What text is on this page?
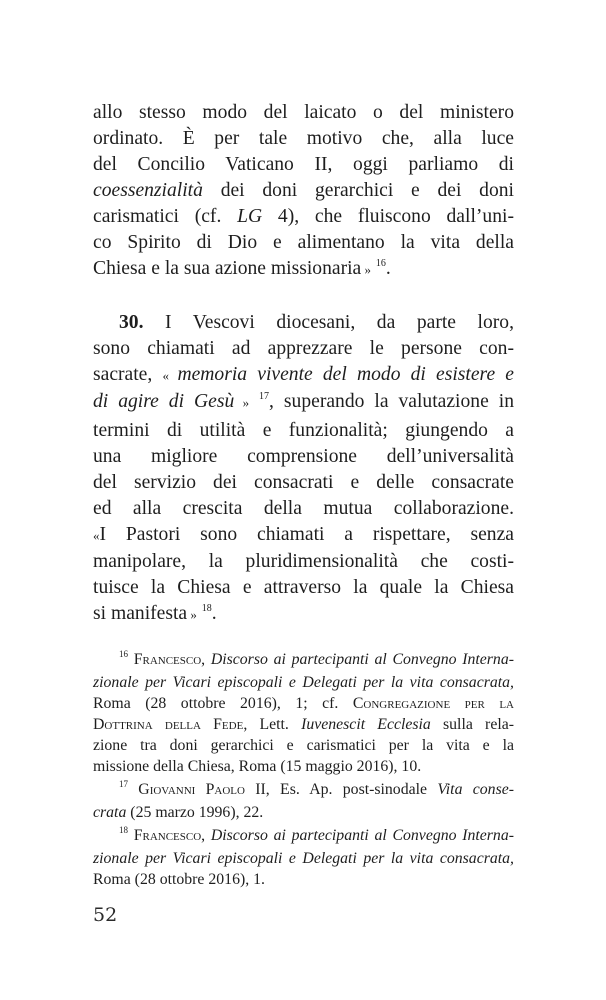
allo stesso modo del laicato o del ministero
ordinato. È per tale motivo che, alla luce
del Concilio Vaticano II, oggi parliamo di
coessenzialità dei doni gerarchici e dei doni
carismatici (cf. LG 4), che fluiscono dall’uni-
co Spirito di Dio e alimentano la vita della
Chiesa e la sua azione missionaria » $^{16}$.

30. I Vescovi diocesani, da parte loro,
sono chiamati ad apprezzare le persone con-
sacrate, « memoria vivente del modo di esistere e
di agire di Gesù » $^{17}$, superando la valutazione in
termini di utilità e funzionalità; giungendo a
una migliore comprensione dell’universalità
del servizio dei consacrati e delle consacrate
ed alla crescita della mutua collaborazione.
«I Pastori sono chiamati a rispettare, senza
manipolare, la pluridimensionalità che costi-
tuisce la Chiesa e attraverso la quale la Chiesa
si manifesta » $^{18}$.

$^{16}$ Francesco, Discorso ai partecipanti al Convegno Interna-
zionale per Vicari episcopali e Delegati per la vita consacrata,
Roma (28 ottobre 2016), 1; cf. Congregazione per la
Dottrina della Fede, Lett. Iuvenescit Ecclesia sulla rela-
zione tra doni gerarchici e carismatici per la vita e la
missione della Chiesa, Roma (15 maggio 2016), 10.
$^{17}$ Giovanni Paolo II, Es. Ap. post-sinodale Vita conse-
crata (25 marzo 1996), 22.
$^{18}$ Francesco, Discorso ai partecipanti al Convegno Interna-
zionale per Vicari episcopali e Delegati per la vita consacrata,
Roma (28 ottobre 2016), 1.
52
